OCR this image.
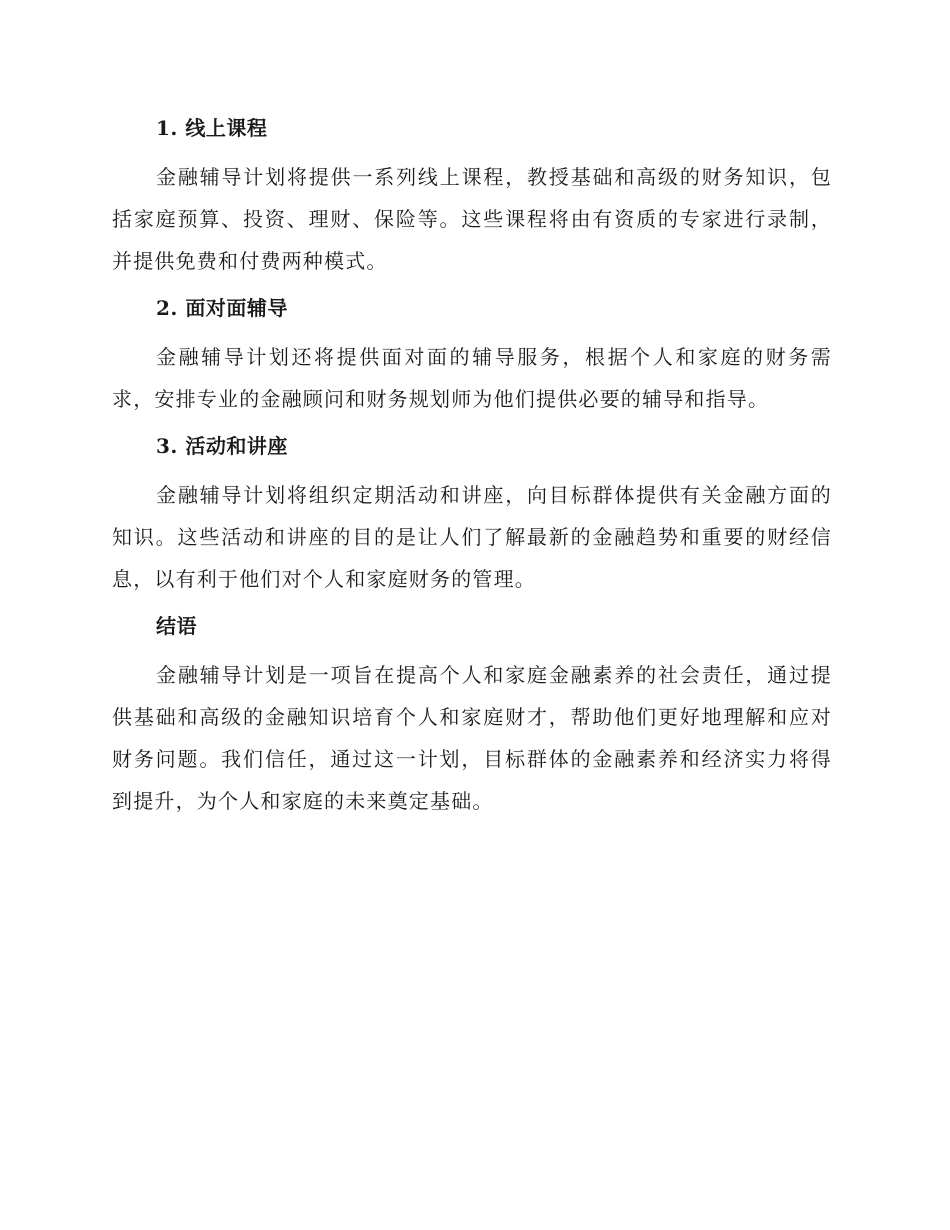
1. 线上课程

金融辅导计划将提供一系列线上课程，教授基础和高级的财务知识，包括家庭预算、投资、理财、保险等。这些课程将由有资质的专家进行录制，并提供免费和付费两种模式。

2. 面对面辅导

金融辅导计划还将提供面对面的辅导服务，根据个人和家庭的财务需求，安排专业的金融顾问和财务规划师为他们提供必要的辅导和指导。

3. 活动和讲座

金融辅导计划将组织定期活动和讲座，向目标群体提供有关金融方面的知识。这些活动和讲座的目的是让人们了解最新的金融趋势和重要的财经信息，以有利于他们对个人和家庭财务的管理。

结语

金融辅导计划是一项旨在提高个人和家庭金融素养的社会责任，通过提供基础和高级的金融知识培育个人和家庭财才，帮助他们更好地理解和应对财务问题。我们信任，通过这一计划，目标群体的金融素养和经济实力将得到提升，为个人和家庭的未来奠定基础。
